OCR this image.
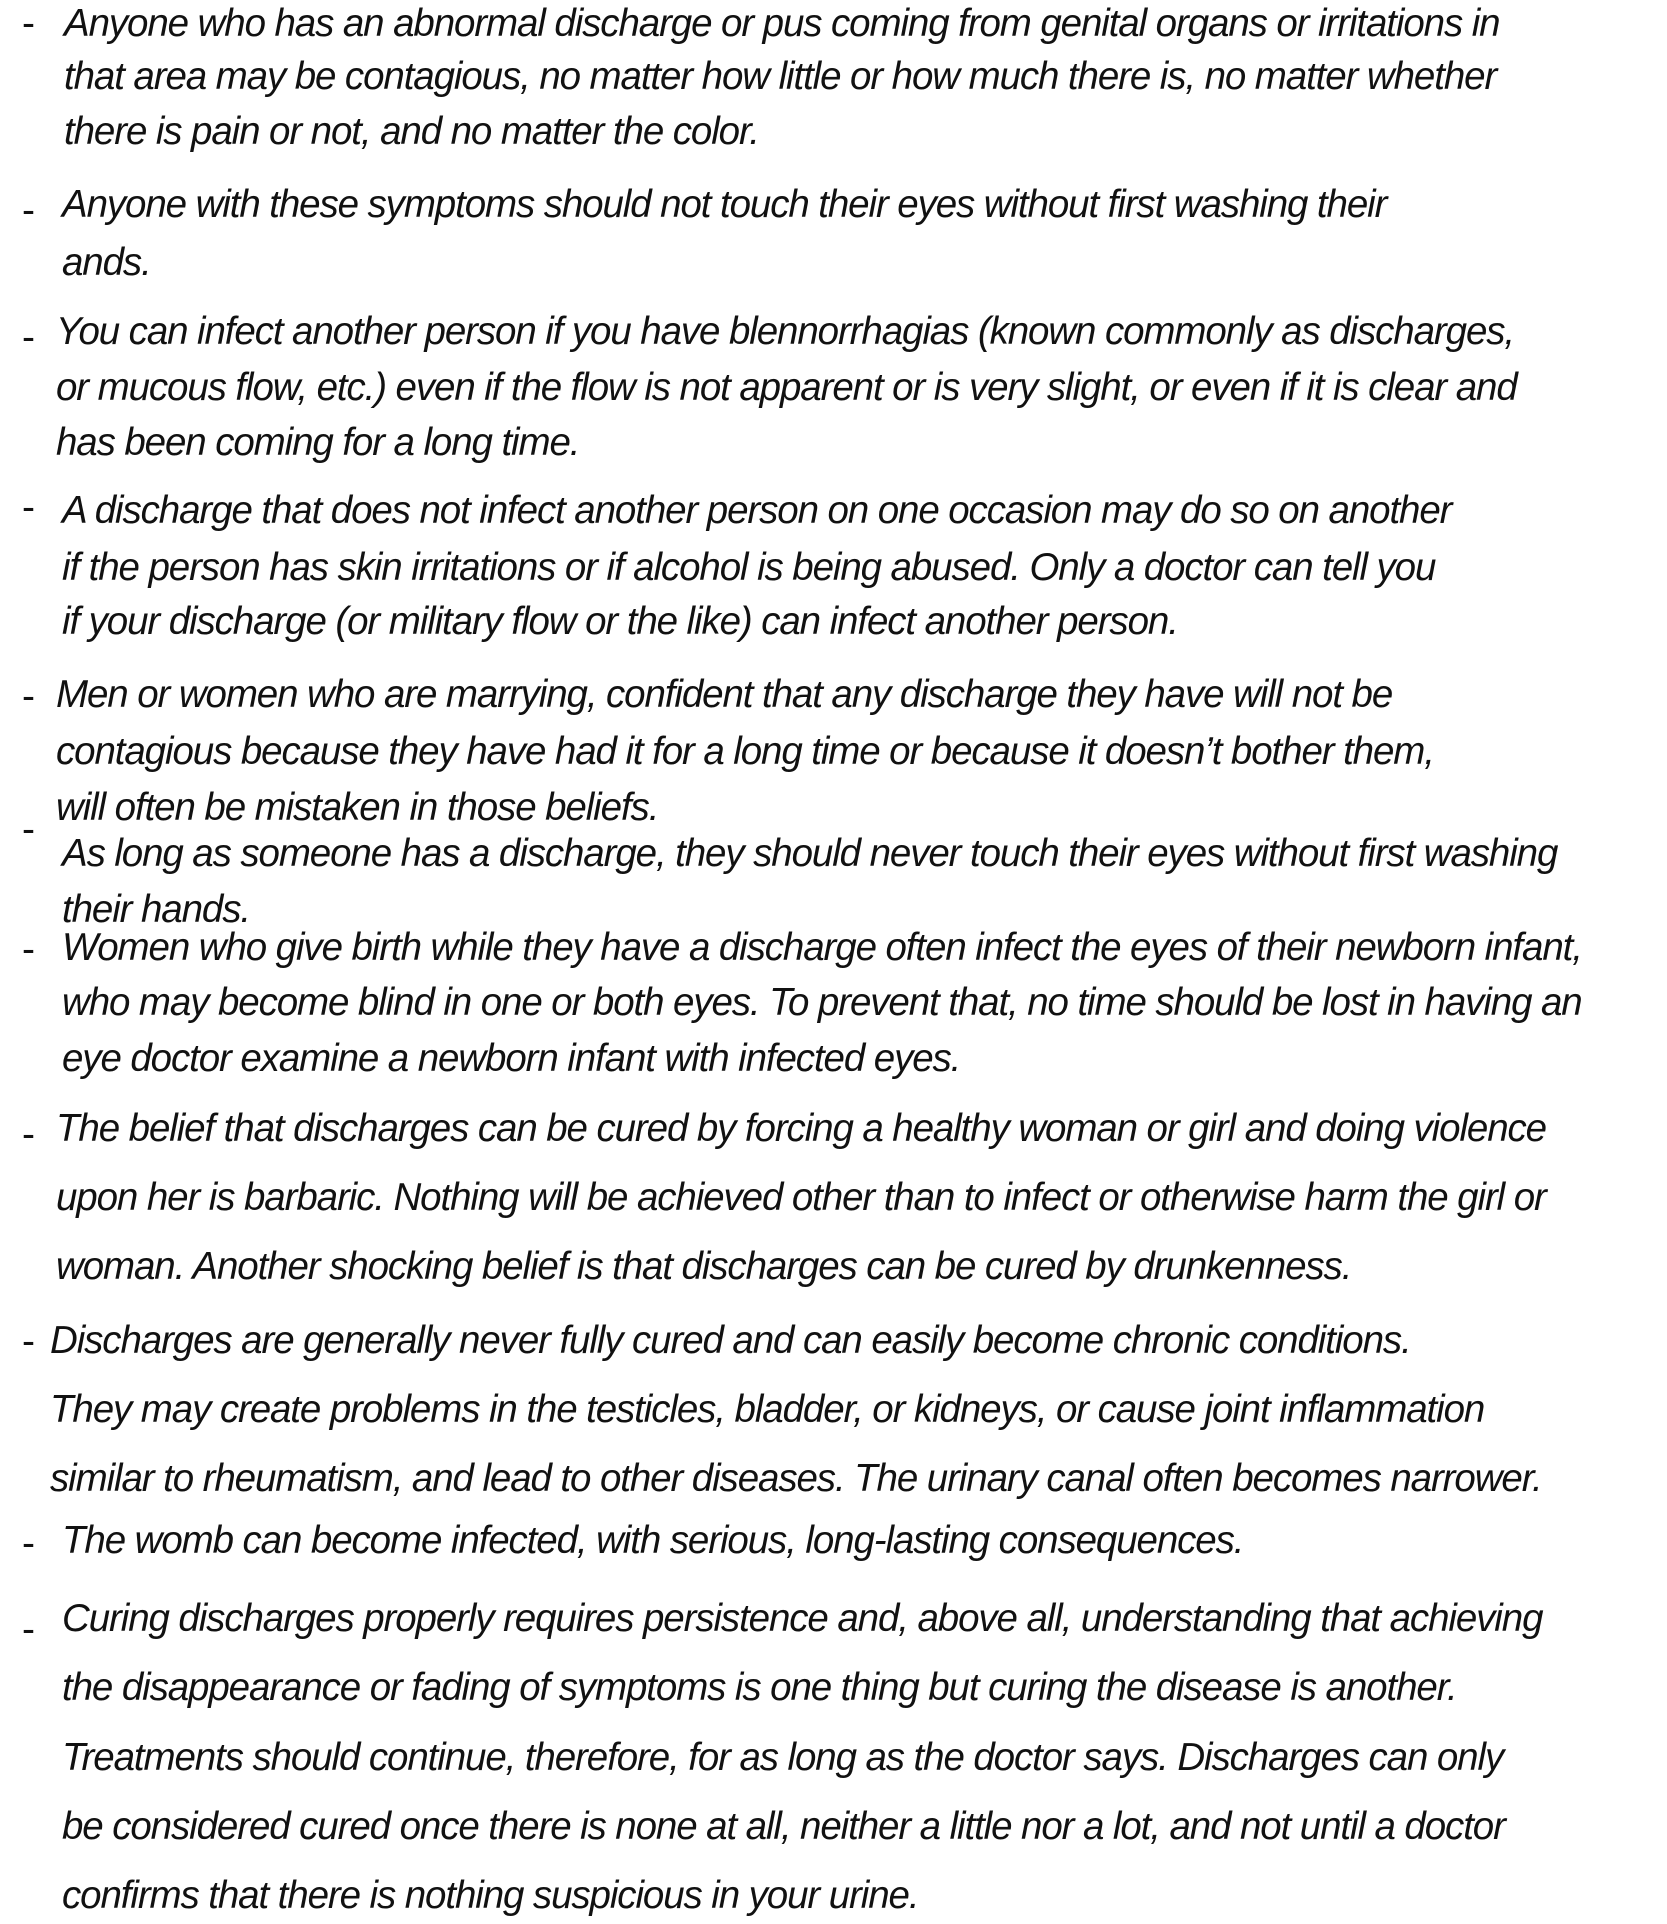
- Anyone who has an abnormal discharge or pus coming from genital organs or irritations in
that area may be contagious, no matter how little or how much there is, no matter whether
there is pain or not, and no matter the color.
- Anyone with these symptoms should not touch their eyes without first washing their
ands.
- You can infect another person if you have blennorrhagias (known commonly as discharges,
or mucous flow, etc.) even if the flow is not apparent or is very slight, or even if it is clear and
has been coming for a long time.
- A discharge that does not infect another person on one occasion may do so on another
if the person has skin irritations or if alcohol is being abused. Only a doctor can tell you
if your discharge (or military flow or the like) can infect another person.
- Men or women who are marrying, confident that any discharge they have will not be
contagious because they have had it for a long time or because it doesn’t bother them,
will often be mistaken in those beliefs.
-
As long as someone has a discharge, they should never touch their eyes without first washing
their hands.
- Women who give birth while they have a discharge often infect the eyes of their newborn infant,
who may become blind in one or both eyes. To prevent that, no time should be lost in having an
eye doctor examine a newborn infant with infected eyes.
- The belief that discharges can be cured by forcing a healthy woman or girl and doing violence
upon her is barbaric. Nothing will be achieved other than to infect or otherwise harm the girl or
woman. Another shocking belief is that discharges can be cured by drunkenness.
- Discharges are generally never fully cured and can easily become chronic conditions.
They may create problems in the testicles, bladder, or kidneys, or cause joint inflammation
similar to rheumatism, and lead to other diseases. The urinary canal often becomes narrower.
- The womb can become infected, with serious, long-lasting consequences.
- Curing discharges properly requires persistence and, above all, understanding that achieving
the disappearance or fading of symptoms is one thing but curing the disease is another.
Treatments should continue, therefore, for as long as the doctor says. Discharges can only
be considered cured once there is none at all, neither a little nor a lot, and not until a doctor
confirms that there is nothing suspicious in your urine.
